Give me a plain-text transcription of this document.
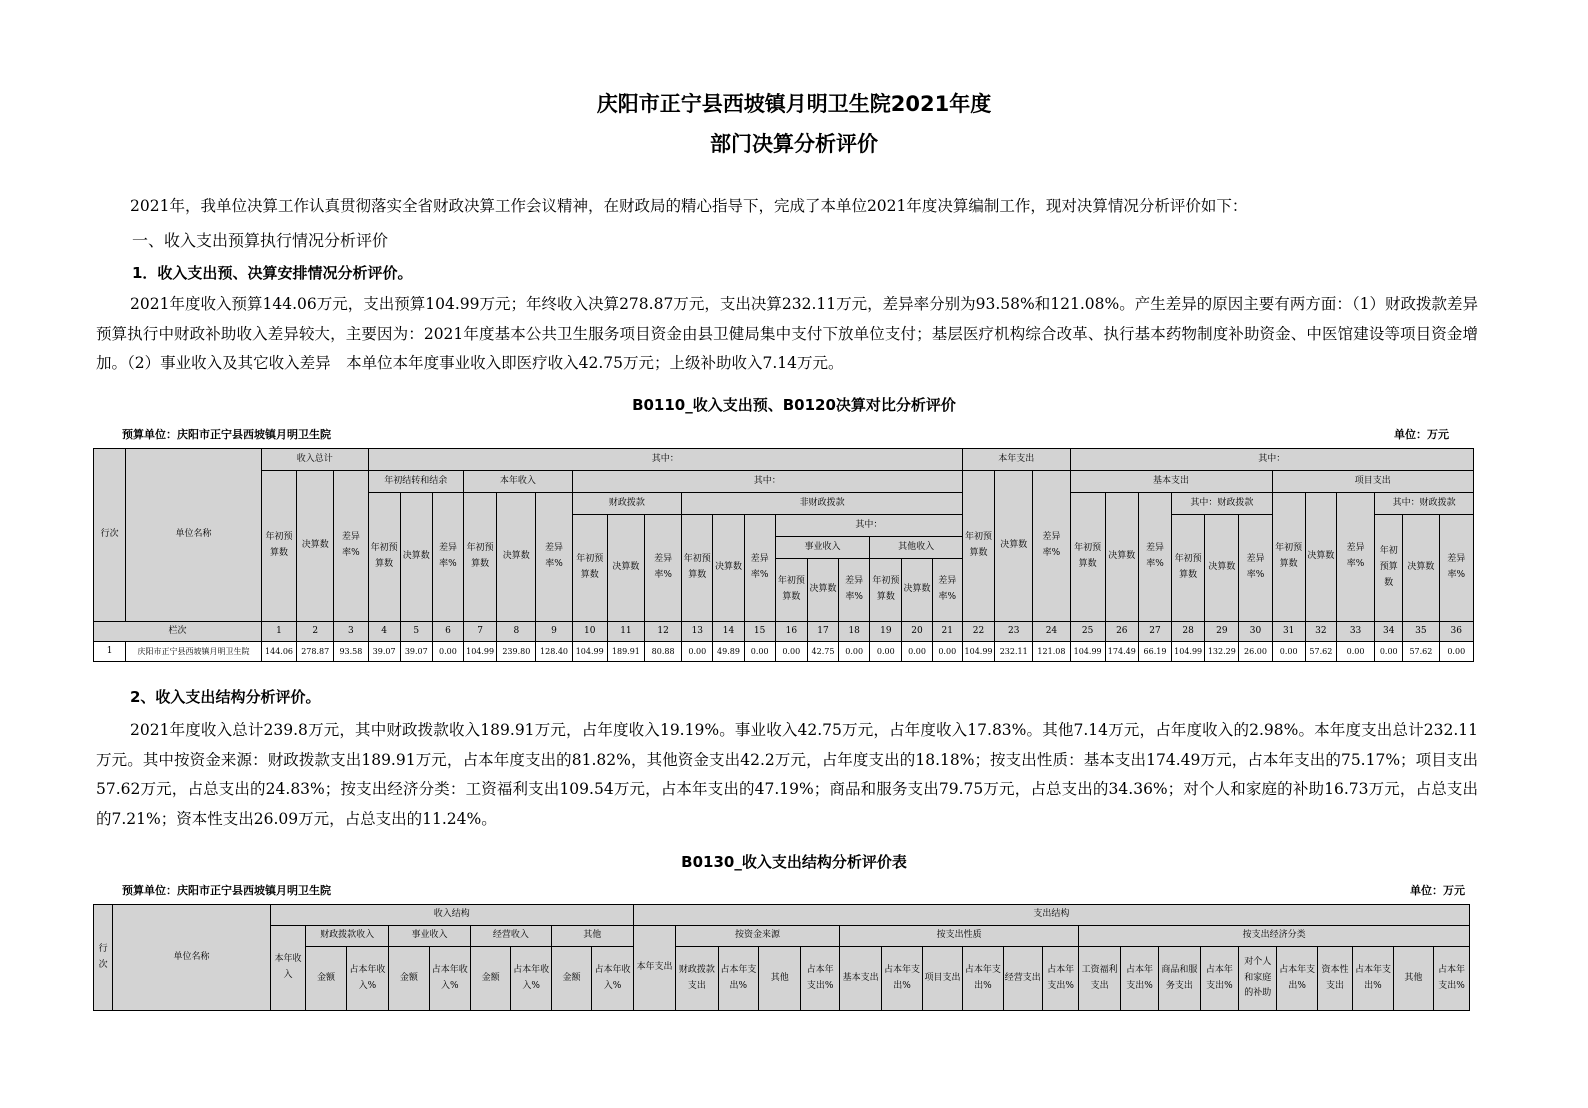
庆阳市正宁县西坡镇月明卫生院2021年度
部门决算分析评价
2021年，我单位决算工作认真贯彻落实全省财政决算工作会议精神，在财政局的精心指导下，完成了本单位2021年度决算编制工作，现对决算情况分析评价如下：
一、收入支出预算执行情况分析评价
1．收入支出预、决算安排情况分析评价。
2021年度收入预算144.06万元，支出预算104.99万元；年终收入决算278.87万元，支出决算232.11万元，差异率分别为93.58%和121.08%。产生差异的原因主要有两方面：（1）财政拨款差异　预算执行中财政补助收入差异较大，主要因为：2021年度基本公共卫生服务项目资金由县卫健局集中支付下放单位支付；基层医疗机构综合改革、执行基本药物制度补助资金、中医馆建设等项目资金增加。（2）事业收入及其它收入差异　本单位本年度事业收入即医疗收入42.75万元；上级补助收入7.14万元。
B0110_收入支出预、B0120决算对比分析评价
预算单位：庆阳市正宁县西坡镇月明卫生院	单位：万元
行次	单位名称	收入总计			其中：																		本年支出			其中：											
		年初预算数	决算数	差异率%	年初结转和结余			本年收入			其中：												年初预算数	决算数	差异率%	基本支出						项目支出					
					年初预算数	决算数	差异率%	年初预算数	决算数	差异率%	财政拨款			非财政拨款												年初预算数	决算数	差异率%	其中：财政拨款			年初预算数	决算数	差异率%	其中：财政拨款		
											年初预算数	决算数	差异率%	年初预算数	决算数	差异率%	其中：												年初预算数	决算数	差异率%				年初预算数	决算数	差异率%
																	事业收入			其他收入																	
																	年初预算数	决算数	差异率%	年初预算数	决算数	差异率%															

栏次		1	2	3	4	5	6	7	8	9	10	11	12	13	14	15	16	17	18	19	20	21	22	23	24	25	26	27	28	29	30	31	32	33	34	35	36
1	庆阳市正宁县西坡镇月明卫生院	144.06	278.87	93.58	39.07	39.07	0.00	104.99	239.80	128.40	104.99	189.91	80.88	0.00	49.89	0.00	0.00	42.75	0.00	0.00	0.00	0.00	104.99	232.11	121.08	104.99	174.49	66.19	104.99	132.29	26.00	0.00	57.62	0.00	0.00	57.62	0.00
2、收入支出结构分析评价。
2021年度收入总计239.8万元，其中财政拨款收入189.91万元，占年度收入19.19%。事业收入42.75万元，占年度收入17.83%。其他7.14万元，占年度收入的2.98%。本年度支出总计232.11万元。其中按资金来源：财政拨款支出189.91万元，占本年度支出的81.82%，其他资金支出42.2万元，占年度支出的18.18%；按支出性质：基本支出174.49万元，占本年支出的75.17%；项目支出57.62万元，占总支出的24.83%；按支出经济分类：工资福利支出109.54万元，占本年支出的47.19%；商品和服务支出79.75万元，占总支出的34.36%；对个人和家庭的补助16.73万元，占总支出的7.21%；资本性支出26.09万元，占总支出的11.24%。
B0130_收入支出结构分析评价表
预算单位：庆阳市正宁县西坡镇月明卫生院	单位：万元
行次	单位名称	收入结构									支出结构																				
		本年收入	财政拨款收入		事业收入		经营收入		其他		本年支出	按资金来源				按支出性质						按支出经济分类									
			金额	占本年收入%	金额	占本年收入%	金额	占本年收入%	金额	占本年收入%		财政拨款支出	占本年支出%	其他	占本年支出%	基本支出	占本年支出%	项目支出	占本年支出%	经营支出	占本年支出%	工资福利支出	占本年支出%	商品和服务支出	占本年支出%	对个人和家庭的补助	占本年支出%	资本性支出	占本年支出%	其他	占本年支出%
